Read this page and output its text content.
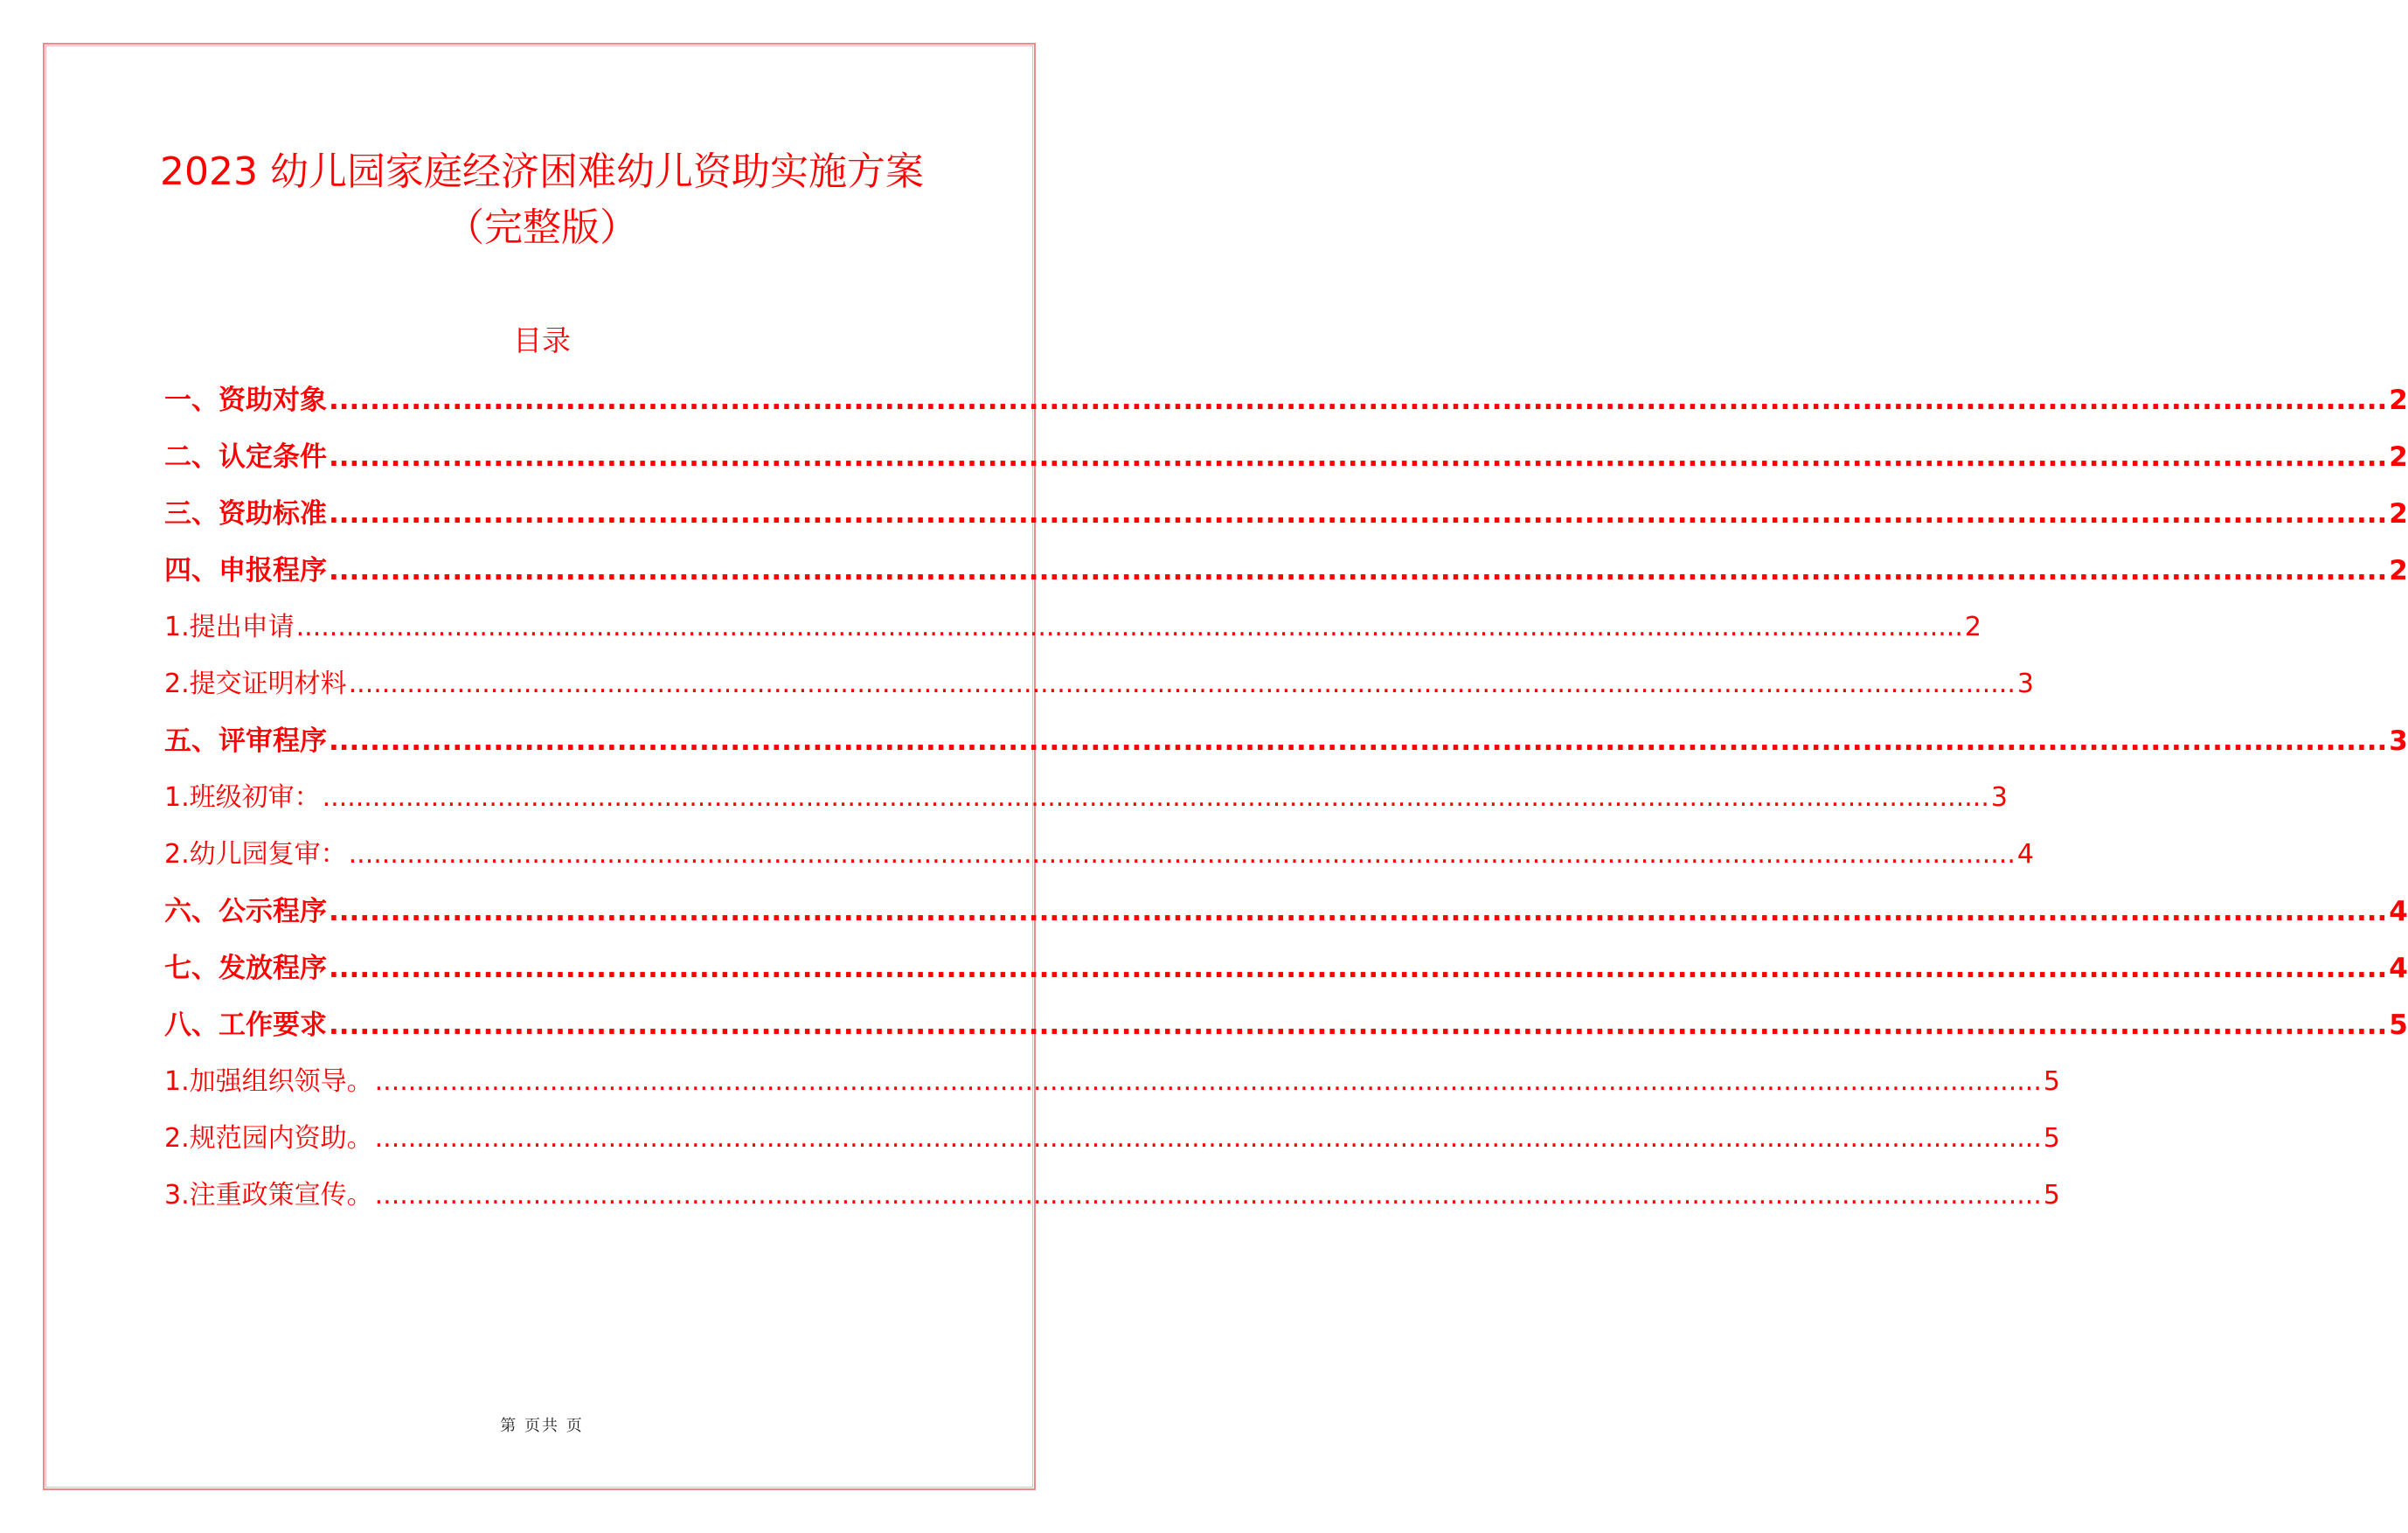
2023 幼儿园家庭经济困难幼儿资助实施方案（完整版）
目录
一、资助对象 ........................................................................................................................................................................................................ 2
二、认定条件 ........................................................................................................................................................................................................ 2
三、资助标准 ........................................................................................................................................................................................................ 2
四、申报程序 ........................................................................................................................................................................................................ 2
1.提出申请 ........................................................................................................................................................................................................ 2
2.提交证明材料 ........................................................................................................................................................................................................ 3
五、评审程序 ........................................................................................................................................................................................................ 3
1.班级初审： ........................................................................................................................................................................................................ 3
2.幼儿园复审： ........................................................................................................................................................................................................ 4
六、公示程序 ........................................................................................................................................................................................................ 4
七、发放程序 ........................................................................................................................................................................................................ 4
八、工作要求 ........................................................................................................................................................................................................ 5
1.加强组织领导。 ........................................................................................................................................................................................................ 5
2.规范园内资助。 ........................................................................................................................................................................................................ 5
3.注重政策宣传。 ........................................................................................................................................................................................................ 5
第 页共 页
